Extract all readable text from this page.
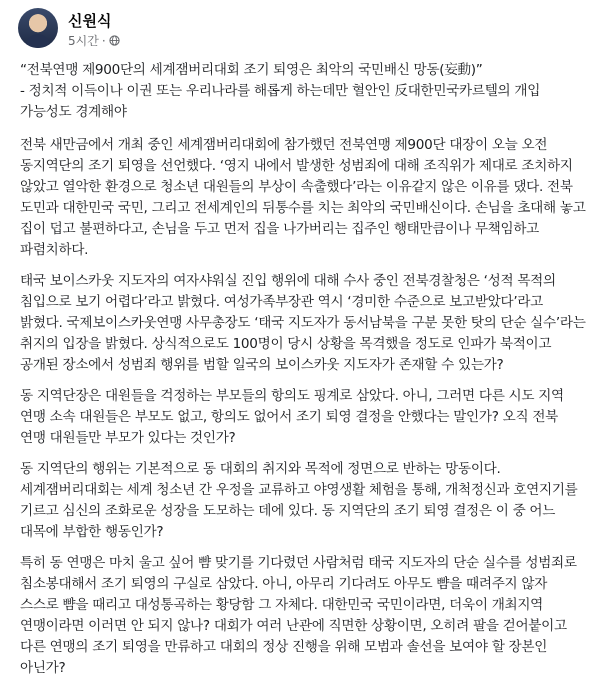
신원식
5시간 ·

“전북연맹 제900단의 세계잼버리대회 조기 퇴영은 최악의 국민배신 망동(妄動)”

- 정치적 이득이나 이권 또는 우리나라를 해롭게 하는데만 혈안인 反대한민국카르텔의 개입 가능성도 경계해야

전북 새만금에서 개최 중인 세계잼버리대회에 참가했던 전북연맹 제900단 대장이 오늘 오전 동지역단의 조기 퇴영을 선언했다. ‘영지 내에서 발생한 성범죄에 대해 조직위가 제대로 조치하지 않았고 열악한 환경으로 청소년 대원들의 부상이 속출했다’라는 이유같지 않은 이유를 댔다. 전북 도민과 대한민국 국민, 그리고 전세계인의 뒤통수를 치는 최악의 국민배신이다. 손님을 초대해 놓고 집이 덥고 불편하다고, 손님을 두고 먼저 집을 나가버리는 집주인 행태만큼이나 무책임하고 파렴치하다.

태국 보이스카웃 지도자의 여자샤워실 진입 행위에 대해 수사 중인 전북경찰청은 ‘성적 목적의 침입으로 보기 어렵다’라고 밝혔다. 여성가족부장관 역시 ‘경미한 수준으로 보고받았다’라고 밝혔다. 국제보이스카웃연맹 사무총장도 ‘태국 지도자가 동서남북을 구분 못한 탓의 단순 실수’라는 취지의 입장을 밝혔다. 상식적으로도 100명이 당시 상황을 목격했을 정도로 인파가 북적이고 공개된 장소에서 성범죄 행위를 범할 일국의 보이스카웃 지도자가 존재할 수 있는가?

동 지역단장은 대원들을 걱정하는 부모들의 항의도 핑계로 삼았다. 아니, 그러면 다른 시도 지역 연맹 소속 대원들은 부모도 없고, 항의도 없어서 조기 퇴영 결정을 안했다는 말인가? 오직 전북 연맹 대원들만 부모가 있다는 것인가?

동 지역단의 행위는 기본적으로 동 대회의 취지와 목적에 정면으로 반하는 망동이다. 세계잼버리대회는 세계 청소년 간 우정을 교류하고 야영생활 체험을 통해, 개척정신과 호연지기를 기르고 심신의 조화로운 성장을 도모하는 데에 있다. 동 지역단의 조기 퇴영 결정은 이 중 어느 대목에 부합한 행동인가?

특히 동 연맹은 마치 울고 싶어 뺨 맞기를 기다렸던 사람처럼 태국 지도자의 단순 실수를 성범죄로 침소봉대해서 조기 퇴영의 구실로 삼았다. 아니, 아무리 기다려도 아무도 뺨을 때려주지 않자 스스로 뺨을 때리고 대성통곡하는 황당함 그 자체다. 대한민국 국민이라면, 더욱이 개최지역 연맹이라면 이러면 안 되지 않나? 대회가 여러 난관에 직면한 상황이면, 오히려 팔을 걷어붙이고 다른 연맹의 조기 퇴영을 만류하고 대회의 정상 진행을 위해 모범과 솔선을 보여야 할 장본인 아닌가?
